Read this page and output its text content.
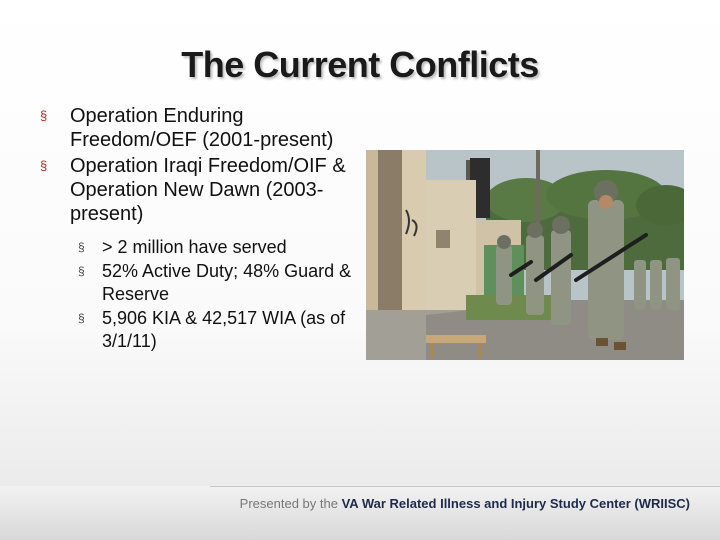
The Current Conflicts
§	Operation Enduring Freedom/OEF (2001-present)
§	Operation Iraqi Freedom/OIF & Operation New Dawn (2003-present)
§ > 2 million have served
§ 52% Active Duty; 48% Guard & Reserve
§ 5,906 KIA & 42,517 WIA (as of 3/1/11)
Presented by the VA War Related Illness and Injury Study Center (WRIISC)
